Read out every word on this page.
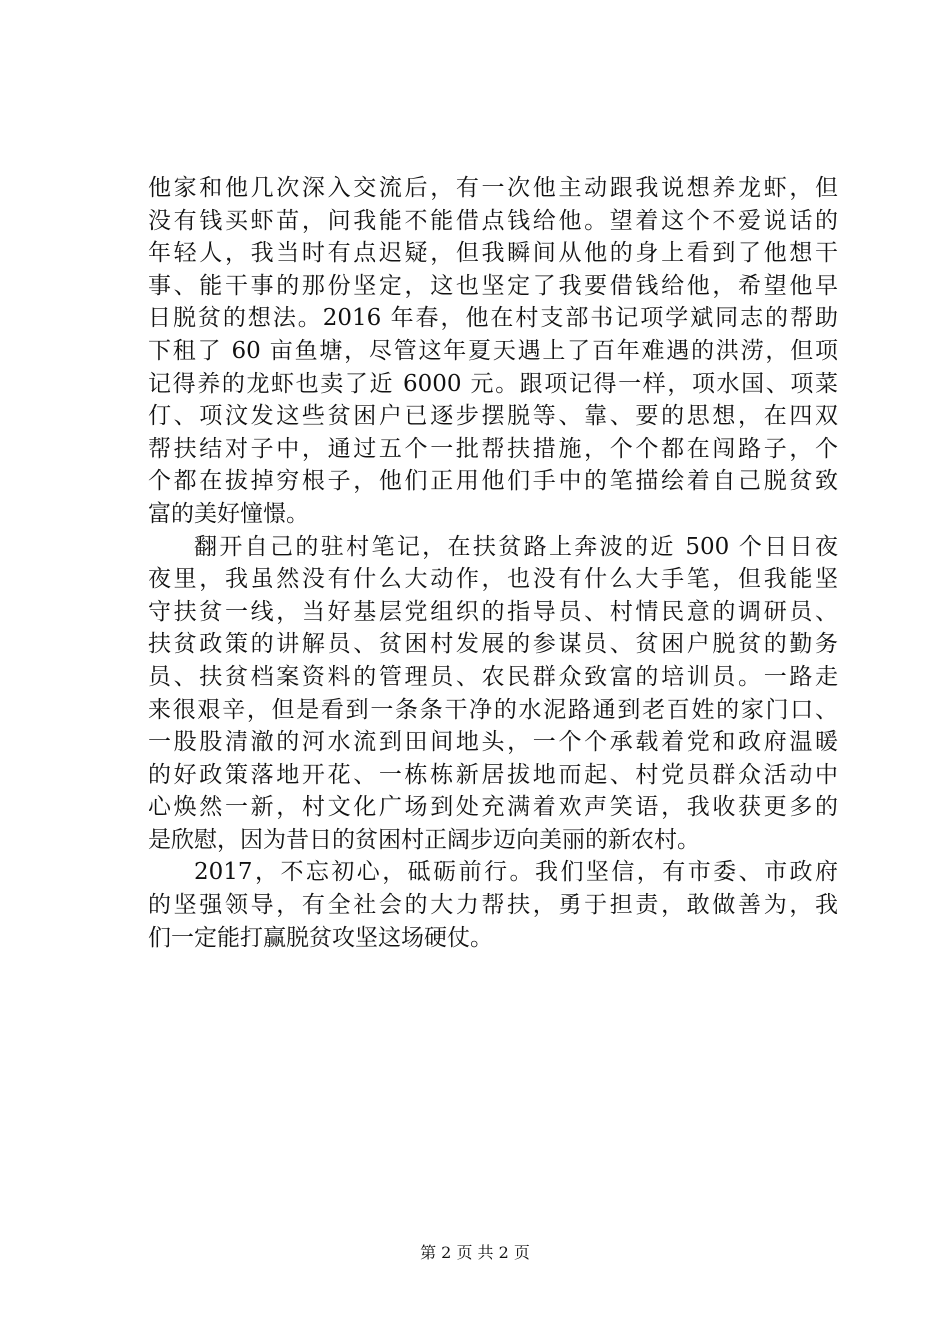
他家和他几次深入交流后，有一次他主动跟我说想养龙虾，但
没有钱买虾苗，问我能不能借点钱给他。望着这个不爱说话的
年轻人，我当时有点迟疑，但我瞬间从他的身上看到了他想干
事、能干事的那份坚定，这也坚定了我要借钱给他，希望他早
日脱贫的想法。2016 年春，他在村支部书记项学斌同志的帮助
下租了 60 亩鱼塘，尽管这年夏天遇上了百年难遇的洪涝，但项
记得养的龙虾也卖了近 6000 元。跟项记得一样，项水国、项菜
仃、项汶发这些贫困户已逐步摆脱等、靠、要的思想，在四双
帮扶结对子中，通过五个一批帮扶措施，个个都在闯路子，个
个都在拔掉穷根子，他们正用他们手中的笔描绘着自己脱贫致
富的美好憧憬。
翻开自己的驻村笔记，在扶贫路上奔波的近 500 个日日夜
夜里，我虽然没有什么大动作，也没有什么大手笔，但我能坚
守扶贫一线，当好基层党组织的指导员、村情民意的调研员、
扶贫政策的讲解员、贫困村发展的参谋员、贫困户脱贫的勤务
员、扶贫档案资料的管理员、农民群众致富的培训员。一路走
来很艰辛，但是看到一条条干净的水泥路通到老百姓的家门口、
一股股清澈的河水流到田间地头，一个个承载着党和政府温暖
的好政策落地开花、一栋栋新居拔地而起、村党员群众活动中
心焕然一新，村文化广场到处充满着欢声笑语，我收获更多的
是欣慰，因为昔日的贫困村正阔步迈向美丽的新农村。
2017，不忘初心，砥砺前行。我们坚信，有市委、市政府
的坚强领导，有全社会的大力帮扶，勇于担责，敢做善为，我
们一定能打赢脱贫攻坚这场硬仗。
第 2 页 共 2 页
